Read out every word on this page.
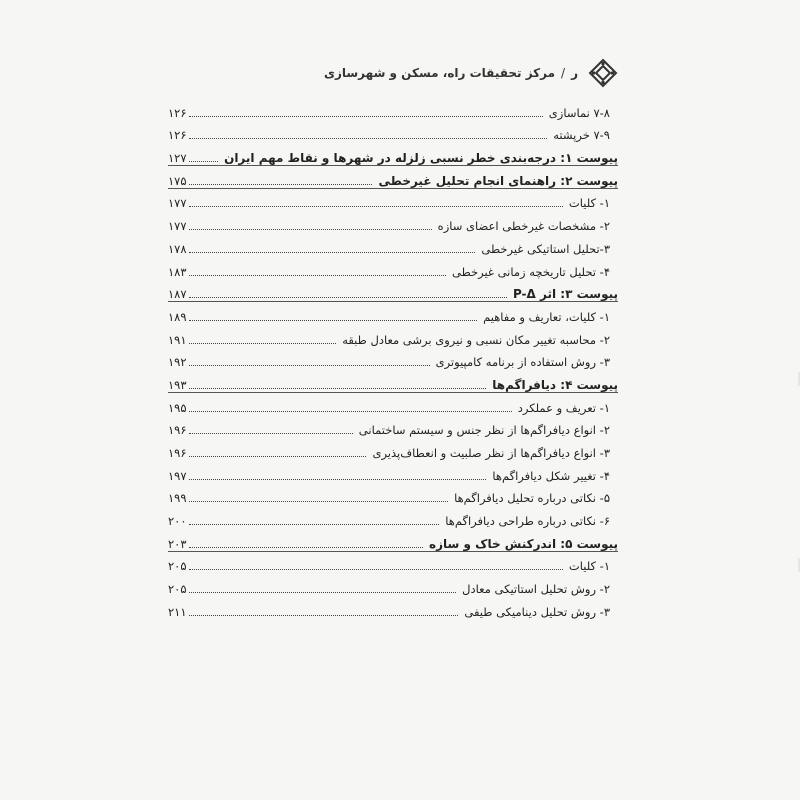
ر/مرکز تحقیقات راه، مسکن و شهرسازی
۷-۸ نماسازی
۱۲۶
۷-۹ خرپشته
۱۲۶
پیوست ۱: درجه‌بندی خطر نسبی زلزله در شهرها و نقاط مهم ایران
۱۲۷
پیوست ۲: راهنمای انجام تحلیل غیرخطی
۱۷۵
۱- کلیات
۱۷۷
۲- مشخصات غیرخطی اعضای سازه
۱۷۷
۳-تحلیل استاتیکی غیرخطی
۱۷۸
۴- تحلیل تاریخچه زمانی غیرخطی
۱۸۳
پیوست ۳: اثر P-Δ
۱۸۷
۱- کلیات، تعاریف و مفاهیم
۱۸۹
۲- محاسبه تغییر مکان نسبی و نیروی برشی معادل طبقه
۱۹۱
۳- روش استفاده از برنامه کامپیوتری
۱۹۲
پیوست ۴: دیافراگم‌ها
۱۹۳
۱- تعریف و عملکرد
۱۹۵
۲- انواع دیافراگم‌ها از نظر جنس و سیستم ساختمانی
۱۹۶
۳- انواع دیافراگم‌ها از نظر صلبیت و انعطاف‌پذیری
۱۹۶
۴- تغییر شکل دیافراگم‌ها
۱۹۷
۵- نکاتی درباره تحلیل دیافراگم‌ها
۱۹۹
۶- نکاتی درباره طراحی دیافراگم‌ها
۲۰۰
پیوست ۵: اندرکنش خاک و سازه
۲۰۳
۱- کلیات
۲۰۵
۲- روش تحلیل استاتیکی معادل
۲۰۵
۳- روش تحلیل دینامیکی طیفی
۲۱۱
